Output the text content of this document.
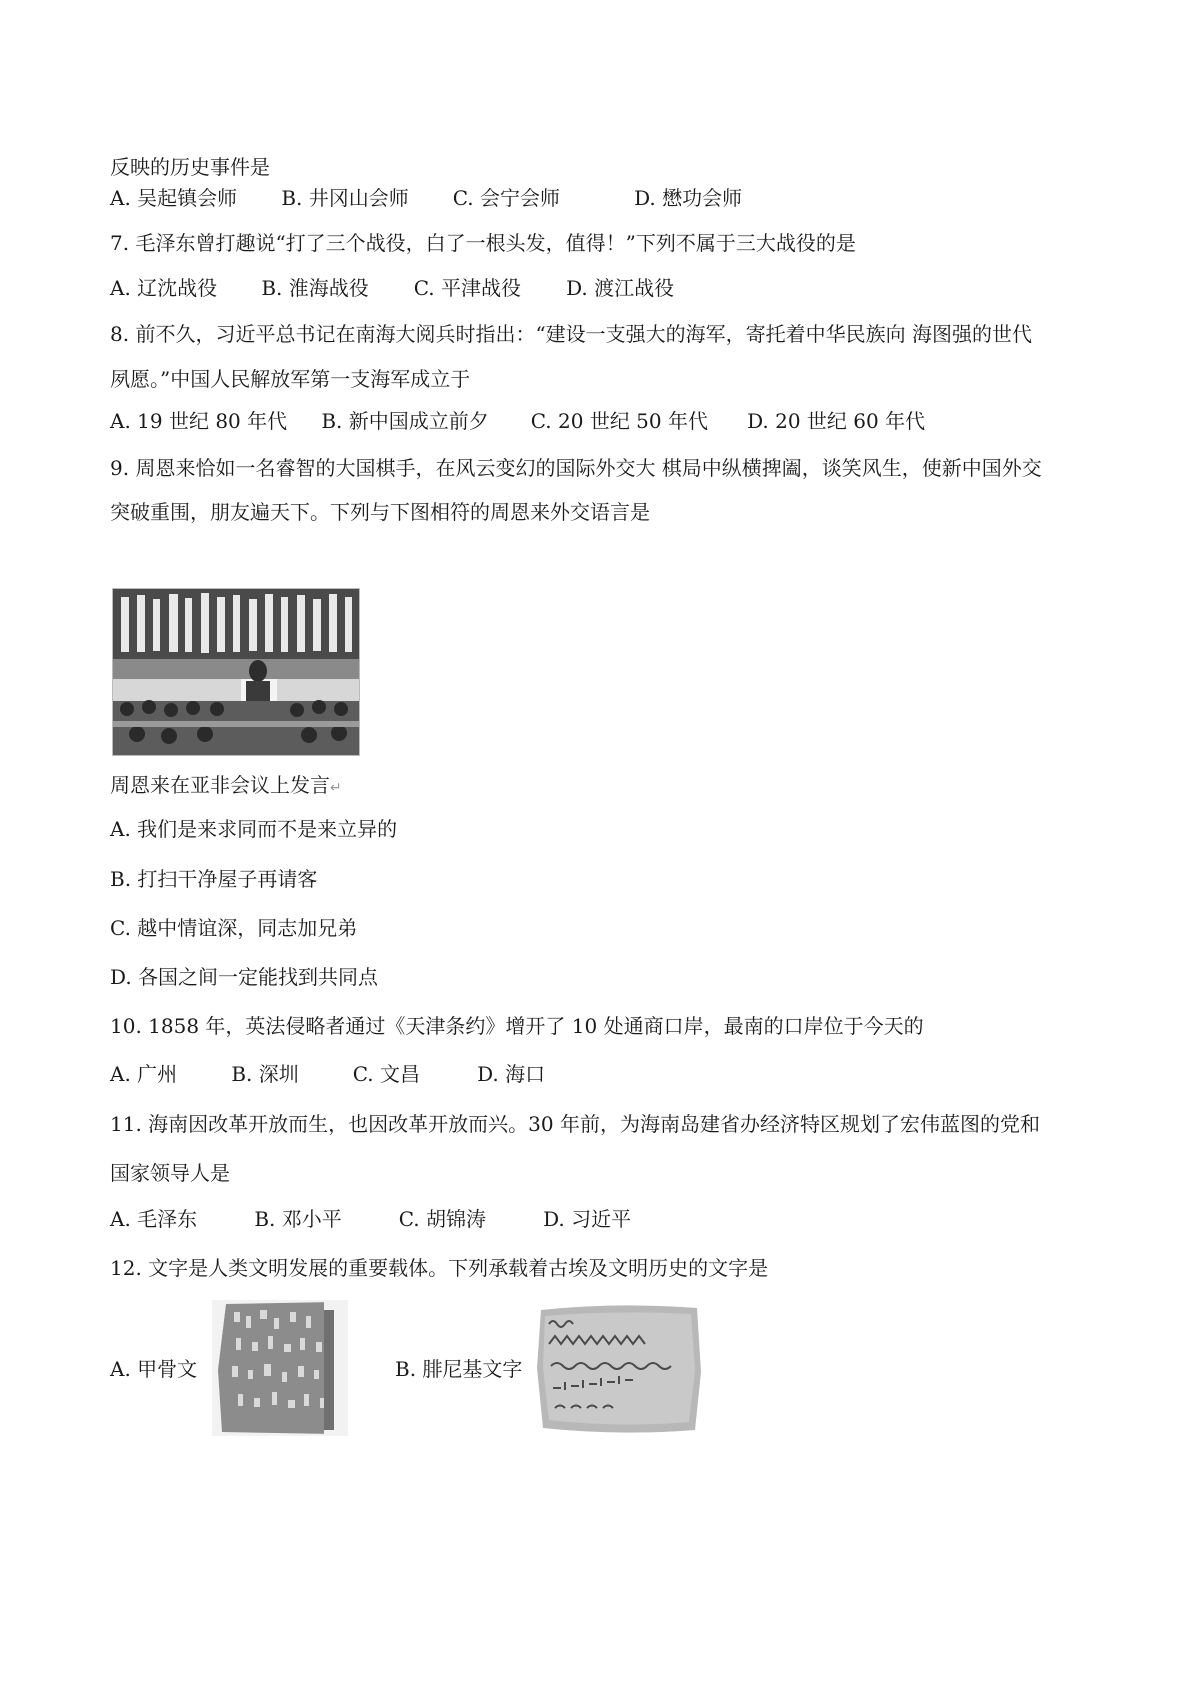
反映的历史事件是
A. 吴起镇会师 B. 井冈山会师 C. 会宁会师	D. 懋功会师
7. 毛泽东曾打趣说“打了三个战役，白了一根头发，值得！”下列不属于三大战役的是
A. 辽沈战役 B. 淮海战役 C. 平津战役 D. 渡江战役
8. 前不久，习近平总书记在南海大阅兵时指出：“建设一支强大的海军，寄托着中华民族向 海图强的世代
夙愿。”中国人民解放军第一支海军成立于
A. 19 世纪 80 年代 B. 新中国成立前夕 C. 20 世纪 50 年代 D. 20 世纪 60 年代
9. 周恩来恰如一名睿智的大国棋手，在风云变幻的国际外交大 棋局中纵横捭阖，谈笑风生，使新中国外交
突破重围，朋友遍天下。下列与下图相符的周恩来外交语言是
周恩来在亚非会议上发言↵
A. 我们是来求同而不是来立异的
B. 打扫干净屋子再请客
C. 越中情谊深，同志加兄弟
D. 各国之间一定能找到共同点
10. 1858 年，英法侵略者通过《天津条约》增开了 10 处通商口岸，最南的口岸位于今天的
A. 广州	B. 深圳	C. 文昌	D. 海口
11. 海南因改革开放而生，也因改革开放而兴。30 年前，为海南岛建省办经济特区规划了宏伟蓝图的党和
国家领导人是
A. 毛泽东	B. 邓小平	C. 胡锦涛	D. 习近平
12. 文字是人类文明发展的重要载体。下列承载着古埃及文明历史的文字是
A. 甲骨文	B. 腓尼基文字
